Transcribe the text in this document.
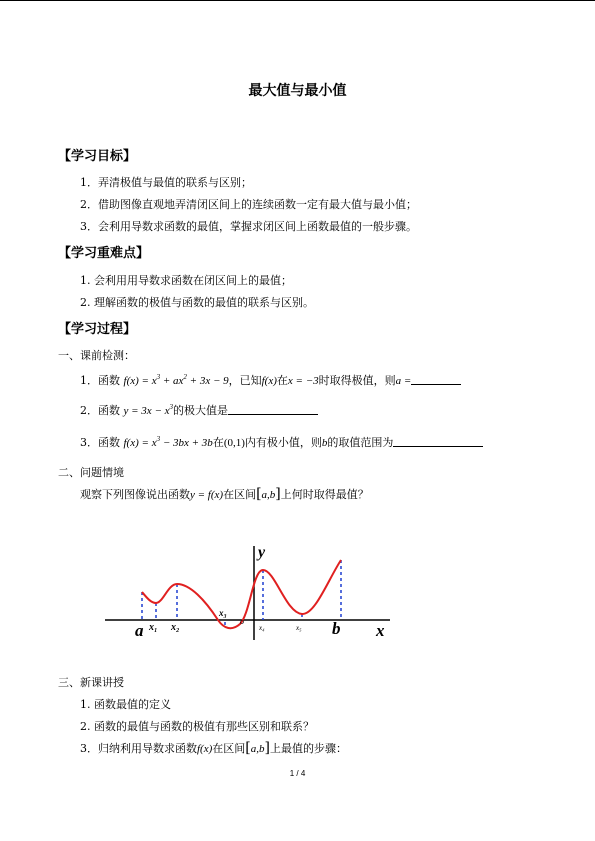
最大值与最小值
【学习目标】
1．弄清极值与最值的联系与区别；
2．借助图像直观地弄清闭区间上的连续函数一定有最大值与最小值；
3．会利用导数求函数的最值，掌握求闭区间上函数最值的一般步骤。
【学习重难点】
1. 会利用用导数求函数在闭区间上的最值；
2. 理解函数的极值与函数的最值的联系与区别。
【学习过程】
一、课前检测：
1．函数 $f(x) = x^3 + ax^2 + 3x - 9$，已知f(x)在x = −3时取得极值，则a =
2．函数 $y = 3x - x^3$的极大值是
3．函数 $f(x) = x^3 - 3bx + 3b$在(0,1)内有极小值，则b的取值范围为
二、问题情境
观察下列图像说出函数y = f(x)在区间[a,b]上何时取得最值？
y
x
a	b
o
x₁ x₂
x₃
x₄	x₅
三、新课讲授
1. 函数最值的定义
2. 函数的最值与函数的极值有那些区别和联系？
3．归纳利用导数求函数f(x)在区间[a,b]上最值的步骤：
1 / 4
